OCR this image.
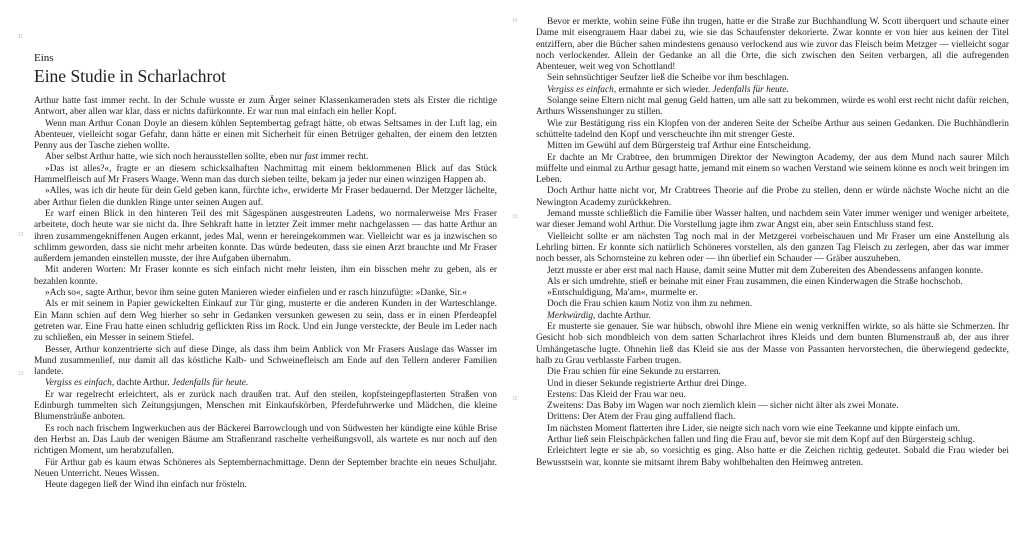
11
12
13
Eins
Eine Studie in Scharlachrot

Arthur hatte fast immer recht. In der Schule wusste er zum Ärger seiner Klassenkameraden stets als Erster die richtige Antwort, aber allen war klar, dass er nichts dafürkonnte. Er war nun mal einfach ein heller Kopf.

Wenn man Arthur Conan Doyle an diesem kühlen Septembertag gefragt hätte, ob etwas Seltsames in der Luft lag, ein Abenteuer, vielleicht sogar Gefahr, dann hätte er einen mit Sicherheit für einen Betrüger gehalten, der einem den letzten Penny aus der Tasche ziehen wollte.

Aber selbst Arthur hatte, wie sich noch herausstellen sollte, eben nur fast immer recht.

»Das ist alles?«, fragte er an diesem schicksalhaften Nachmittag mit einem beklommenen Blick auf das Stück Hammelfleisch auf Mr Frasers Waage. Wenn man das durch sieben teilte, bekam ja jeder nur einen winzigen Happen ab.

»Alles, was ich dir heute für dein Geld geben kann, fürchte ich«, erwiderte Mr Fraser bedauernd. Der Metzger lächelte, aber Arthur fielen die dunklen Ringe unter seinen Augen auf.

Er warf einen Blick in den hinteren Teil des mit Sägespänen ausgestreuten Ladens, wo normalerweise Mrs Fraser arbeitete, doch heute war sie nicht da. Ihre Sehkraft hatte in letzter Zeit immer mehr nachgelassen — das hatte Arthur an ihren zusammengekniffenen Augen erkannt, jedes Mal, wenn er hereingekommen war. Vielleicht war es ja inzwischen so schlimm geworden, dass sie nicht mehr arbeiten konnte. Das würde bedeuten, dass sie einen Arzt brauchte und Mr Fraser außerdem jemanden einstellen musste, der ihre Aufgaben übernahm.

Mit anderen Worten: Mr Fraser konnte es sich einfach nicht mehr leisten, ihm ein bisschen mehr zu geben, als er bezahlen konnte.

»Ach so«, sagte Arthur, bevor ihm seine guten Manieren wieder einfielen und er rasch hinzufügte: »Danke, Sir.«

Als er mit seinem in Papier gewickelten Einkauf zur Tür ging, musterte er die anderen Kunden in der Warteschlange. Ein Mann schien auf dem Weg hierher so sehr in Gedanken versunken gewesen zu sein, dass er in einen Pferdeapfel getreten war. Eine Frau hatte einen schludrig geflickten Riss im Rock. Und ein Junge versteckte, der Beule im Leder nach zu schließen, ein Messer in seinem Stiefel.

Besser, Arthur konzentrierte sich auf diese Dinge, als dass ihm beim Anblick von Mr Frasers Auslage das Wasser im Mund zusammenlief, nur damit all das köstliche Kalb- und Schweinefleisch am Ende auf den Tellern anderer Familien landete.

Vergiss es einfach, dachte Arthur. Jedenfalls für heute.

Er war regelrecht erleichtert, als er zurück nach draußen trat. Auf den steilen, kopfsteingepflasterten Straßen von Edinburgh tummelten sich Zeitungsjungen, Menschen mit Einkaufskörben, Pferdefuhrwerke und Mädchen, die kleine Blumensträuße anboten.

Es roch nach frischem Ingwerkuchen aus der Bäckerei Barrowclough und von Südwesten her kündigte eine kühle Brise den Herbst an. Das Laub der wenigen Bäume am Straßenrand raschelte verheißungsvoll, als wartete es nur noch auf den richtigen Moment, um herabzufallen.

Für Arthur gab es kaum etwas Schöneres als Septembernachmittage. Denn der September brachte ein neues Schuljahr. Neuen Unterricht. Neues Wissen.

Heute dagegen ließ der Wind ihn einfach nur frösteln.

14
15
16

Bevor er merkte, wohin seine Füße ihn trugen, hatte er die Straße zur Buchhandlung W. Scott überquert und schaute einer Dame mit eisengrauem Haar dabei zu, wie sie das Schaufenster dekorierte. Zwar konnte er von hier aus keinen der Titel entziffern, aber die Bücher sahen mindestens genauso verlockend aus wie zuvor das Fleisch beim Metzger — vielleicht sogar noch verlockender. Allein der Gedanke an all die Orte, die sich zwischen den Seiten verbargen, all die aufregenden Abenteuer, weit weg von Schottland!

Sein sehnsüchtiger Seufzer ließ die Scheibe vor ihm beschlagen.

Vergiss es einfach, ermahnte er sich wieder. Jedenfalls für heute.

Solange seine Eltern nicht mal genug Geld hatten, um alle satt zu bekommen, würde es wohl erst recht nicht dafür reichen, Arthurs Wissenshunger zu stillen.

Wie zur Bestätigung riss ein Klopfen von der anderen Seite der Scheibe Arthur aus seinen Gedanken. Die Buchhändlerin schüttelte tadelnd den Kopf und verscheuchte ihn mit strenger Geste.

Mitten im Gewühl auf dem Bürgersteig traf Arthur eine Entscheidung.

Er dachte an Mr Crabtree, den brummigen Direktor der Newington Academy, der aus dem Mund nach saurer Milch müffelte und einmal zu Arthur gesagt hatte, jemand mit einem so wachen Verstand wie seinem könne es noch weit bringen im Leben.

Doch Arthur hatte nicht vor, Mr Crabtrees Theorie auf die Probe zu stellen, denn er würde nächste Woche nicht an die Newington Academy zurückkehren.

Jemand musste schließlich die Familie über Wasser halten, und nachdem sein Vater immer weniger und weniger arbeitete, war dieser Jemand wohl Arthur. Die Vorstellung jagte ihm zwar Angst ein, aber sein Entschluss stand fest.

Vielleicht sollte er am nächsten Tag noch mal in der Metzgerei vorbeischauen und Mr Fraser um eine Anstellung als Lehrling bitten. Er konnte sich natürlich Schöneres vorstellen, als den ganzen Tag Fleisch zu zerlegen, aber das war immer noch besser, als Schornsteine zu kehren oder — ihn überlief ein Schauder — Gräber auszuheben.

Jetzt musste er aber erst mal nach Hause, damit seine Mutter mit dem Zubereiten des Abendessens anfangen konnte.

Als er sich umdrehte, stieß er beinahe mit einer Frau zusammen, die einen Kinderwagen die Straße hochschob.

»Entschuldigung, Ma'am«, murmelte er.

Doch die Frau schien kaum Notiz von ihm zu nehmen.

Merkwürdig, dachte Arthur.

Er musterte sie genauer. Sie war hübsch, obwohl ihre Miene ein wenig verkniffen wirkte, so als hätte sie Schmerzen. Ihr Gesicht hob sich mondbleich von dem satten Scharlachrot ihres Kleids und dem bunten Blumenstrauß ab, der aus ihrer Umhängetasche lugte. Ohnehin ließ das Kleid sie aus der Masse von Passanten hervorstechen, die überwiegend gedeckte, halb zu Grau verblasste Farben trugen.

Die Frau schien für eine Sekunde zu erstarren.

Und in dieser Sekunde registrierte Arthur drei Dinge.

Erstens: Das Kleid der Frau war neu.

Zweitens: Das Baby im Wagen war noch ziemlich klein — sicher nicht älter als zwei Monate.

Drittens: Der Atem der Frau ging auffallend flach.

Im nächsten Moment flatterten ihre Lider, sie neigte sich nach vorn wie eine Teekanne und kippte einfach um.

Arthur ließ sein Fleischpäckchen fallen und fing die Frau auf, bevor sie mit dem Kopf auf den Bürgersteig schlug.

Erleichtert legte er sie ab, so vorsichtig es ging. Also hatte er die Zeichen richtig gedeutet. Sobald die Frau wieder bei Bewusstsein war, konnte sie mitsamt ihrem Baby wohlbehalten den Heimweg antreten.
